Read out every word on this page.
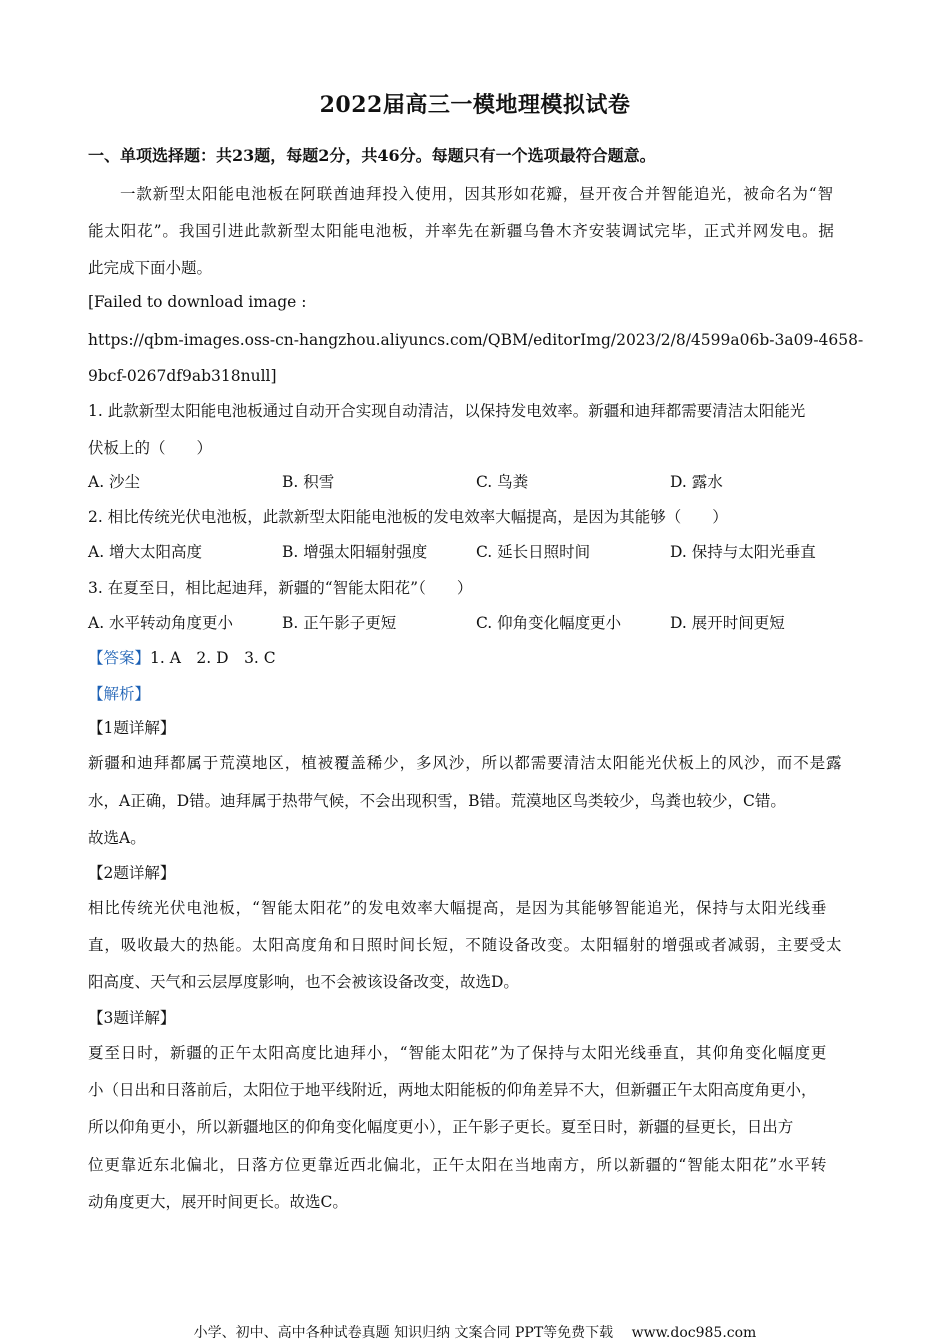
2022届高三一模地理模拟试卷
一、单项选择题：共23题，每题2分，共46分。每题只有一个选项最符合题意。
一款新型太阳能电池板在阿联酋迪拜投入使用，因其形如花瓣，昼开夜合并智能追光，被命名为“智
能太阳花”。我国引进此款新型太阳能电池板，并率先在新疆乌鲁木齐安装调试完毕，正式并网发电。据
此完成下面小题。
[Failed to download image :
https://qbm-images.oss-cn-hangzhou.aliyuncs.com/QBM/editorImg/2023/2/8/4599a06b-3a09-4658-
9bcf-0267df9ab318null]
1. 此款新型太阳能电池板通过自动开合实现自动清洁，以保持发电效率。新疆和迪拜都需要清洁太阳能光
伏板上的（　　）
A. 沙尘	B. 积雪	C. 鸟粪	D. 露水
2. 相比传统光伏电池板，此款新型太阳能电池板的发电效率大幅提高，是因为其能够（　　）
A. 增大太阳高度	B. 增强太阳辐射强度	C. 延长日照时间	D. 保持与太阳光垂直
3. 在夏至日，相比起迪拜，新疆的“智能太阳花”（　　）
A. 水平转动角度更小	B. 正午影子更短	C. 仰角变化幅度更小	D. 展开时间更短
【答案】1. A　2. D　3. C
【解析】
【1题详解】
新疆和迪拜都属于荒漠地区，植被覆盖稀少，多风沙，所以都需要清洁太阳能光伏板上的风沙，而不是露
水，A正确，D错。迪拜属于热带气候，不会出现积雪，B错。荒漠地区鸟类较少，鸟粪也较少，C错。
故选A。
【2题详解】
相比传统光伏电池板，“智能太阳花”的发电效率大幅提高，是因为其能够智能追光，保持与太阳光线垂
直，吸收最大的热能。太阳高度角和日照时间长短，不随设备改变。太阳辐射的增强或者减弱，主要受太
阳高度、天气和云层厚度影响，也不会被该设备改变，故选D。
【3题详解】
夏至日时，新疆的正午太阳高度比迪拜小，“智能太阳花”为了保持与太阳光线垂直，其仰角变化幅度更
小（日出和日落前后，太阳位于地平线附近，两地太阳能板的仰角差异不大，但新疆正午太阳高度角更小，
所以仰角更小，所以新疆地区的仰角变化幅度更小），正午影子更长。夏至日时，新疆的昼更长，日出方
位更靠近东北偏北，日落方位更靠近西北偏北，正午太阳在当地南方，所以新疆的“智能太阳花”水平转
动角度更大，展开时间更长。故选C。
小学、初中、高中各种试卷真题 知识归纳 文案合同 PPT等免费下载　 www.doc985.com
